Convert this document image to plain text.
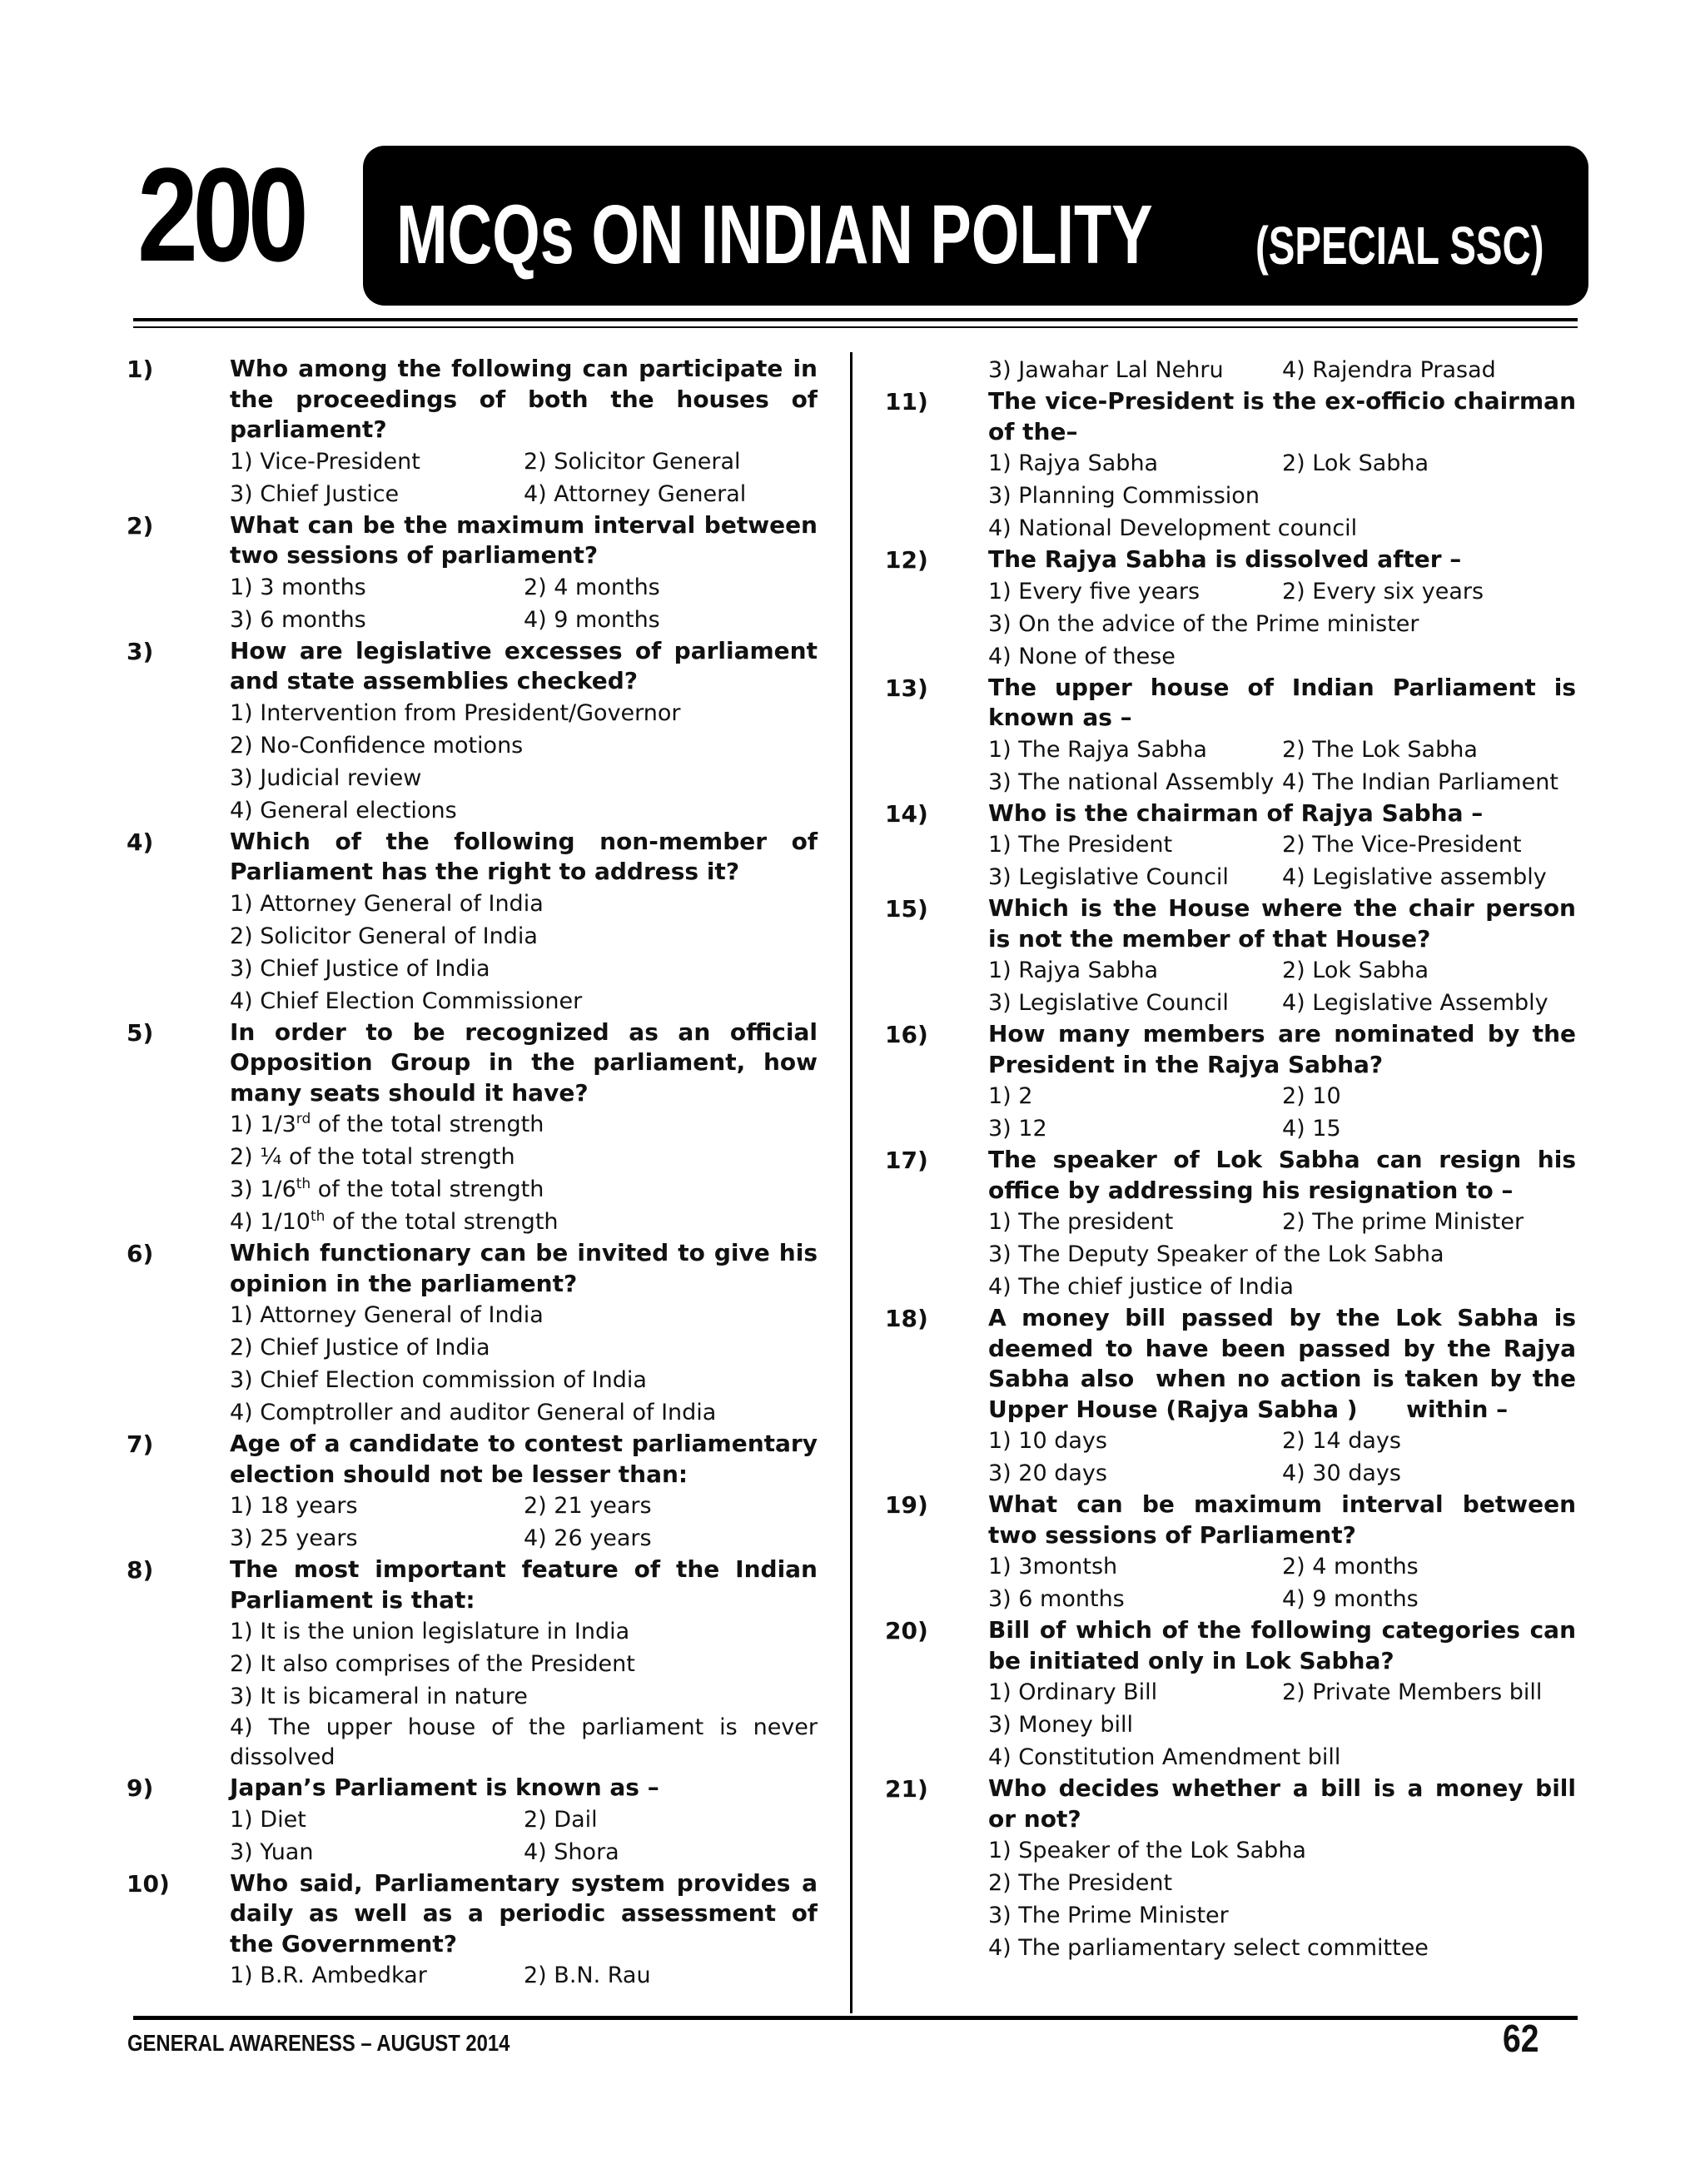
200 MCQs ON INDIAN POLITY (SPECIAL SSC)
1)	Who among the following can participate in the proceedings of both the houses of parliament?
1) Vice-President	2) Solicitor General
3) Chief Justice	4) Attorney General
2)	What can be the maximum interval between two sessions of parliament?
1) 3 months	2) 4 months
3) 6 months	4) 9 months
3)	How are legislative excesses of parliament and state assemblies checked?
1) Intervention from President/Governor
2) No-Confidence motions
3) Judicial review
4) General elections
4)	Which of the following non-member of Parliament has the right to address it?
1) Attorney General of India
2) Solicitor General of India
3) Chief Justice of India
4) Chief Election Commissioner
5)	In order to be recognized as an official Opposition Group in the parliament, how many seats should it have?
1) 1/3rd of the total strength
2) ¼ of the total strength
3) 1/6th of the total strength
4) 1/10th of the total strength
6)	Which functionary can be invited to give his opinion in the parliament?
1) Attorney General of India
2) Chief Justice of India
3) Chief Election commission of India
4) Comptroller and auditor General of India
7)	Age of a candidate to contest parliamentary election should not be lesser than:
1) 18 years	2) 21 years
3) 25 years	4) 26 years
8)	The most important feature of the Indian Parliament is that:
1) It is the union legislature in India
2) It also comprises of the President
3) It is bicameral in nature
4) The upper house of the parliament is never dissolved
9)	Japan’s Parliament is known as –
1) Diet	2) Dail
3) Yuan	4) Shora
10)	Who said, Parliamentary system provides a daily as well as a periodic assessment of the Government?
1) B.R. Ambedkar	2) B.N. Rau
3) Jawahar Lal Nehru	4) Rajendra Prasad
11)	The vice-President is the ex-officio chairman of the–
1) Rajya Sabha	2) Lok Sabha
3) Planning Commission
4) National Development council
12)	The Rajya Sabha is dissolved after –
1) Every five years	2) Every six years
3) On the advice of the Prime minister
4) None of these
13)	The upper house of Indian Parliament is known as –
1) The Rajya Sabha	2) The Lok Sabha
3) The national Assembly 4) The Indian Parliament
14)	Who is the chairman of Rajya Sabha –
1) The President	2) The Vice-President
3) Legislative Council	4) Legislative assembly
15)	Which is the House where the chair person is not the member of that House?
1) Rajya Sabha	2) Lok Sabha
3) Legislative Council	4) Legislative Assembly
16)	How many members are nominated by the President in the Rajya Sabha?
1) 2	2) 10
3) 12	4) 15
17)	The speaker of Lok Sabha can resign his office by addressing his resignation to –
1) The president	2) The prime Minister
3) The Deputy Speaker of the Lok Sabha
4) The chief justice of India
18)	A money bill passed by the Lok Sabha is deemed to have been passed by the Rajya Sabha also  when no action is taken by the Upper House (Rajya Sabha )      within –
1) 10 days	2) 14 days
3) 20 days	4) 30 days
19)	What can be maximum interval between two sessions of Parliament?
1) 3montsh	2) 4 months
3) 6 months	4) 9 months
20)	Bill of which of the following categories can be initiated only in Lok Sabha?
1) Ordinary Bill	2) Private Members bill
3) Money bill
4) Constitution Amendment bill
21)	Who decides whether a bill is a money bill or not?
1) Speaker of the Lok Sabha
2) The President
3) The Prime Minister
4) The parliamentary select committee
GENERAL AWARENESS – AUGUST 2014	62
